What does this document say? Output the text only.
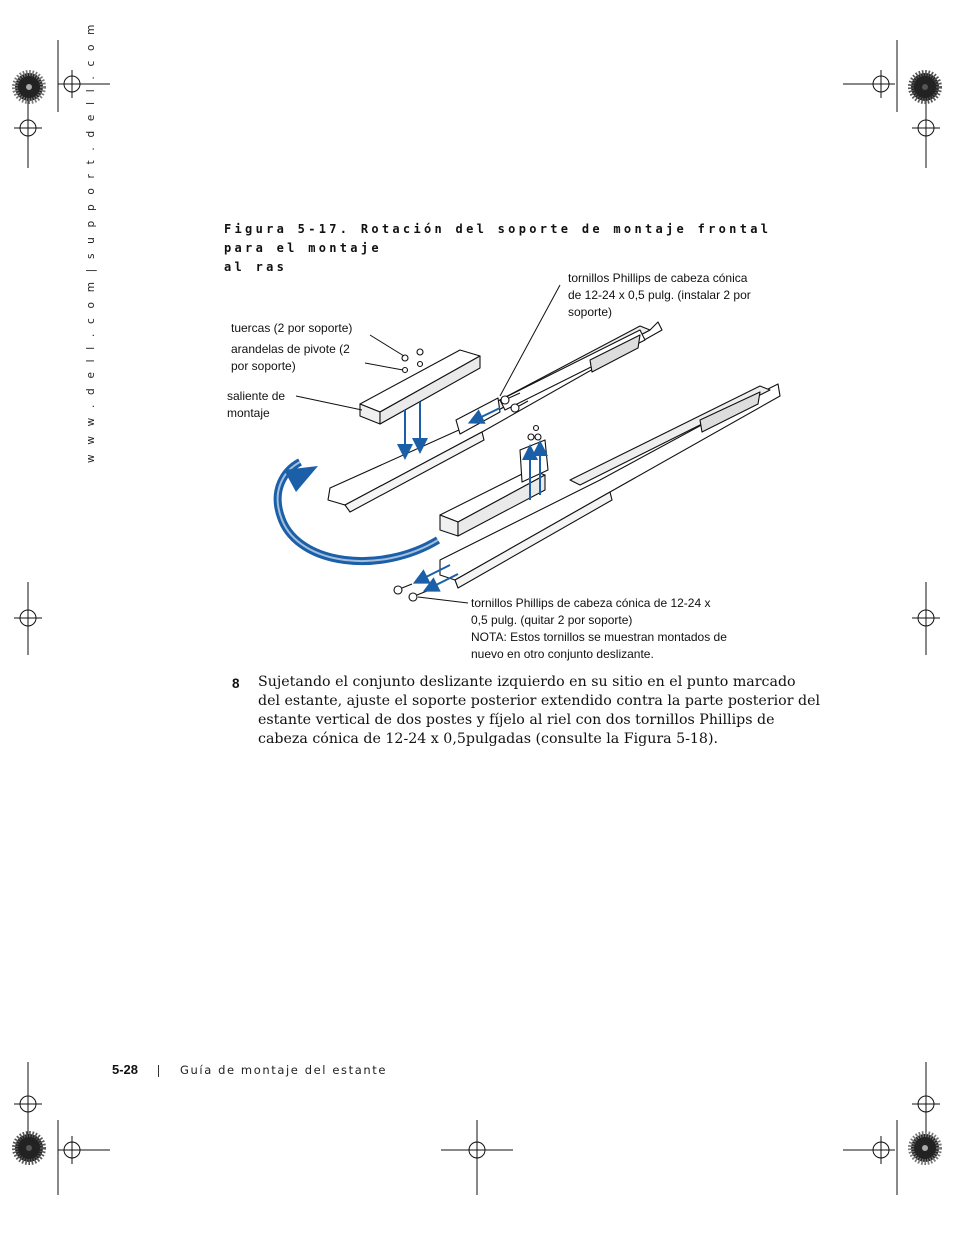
w w w . d e l l . c o m | s u p p o r t . d e l l . c o m	Figura 5-17. Rotación del soporte de montaje frontal para el montaje
al ras
tornillos Phillips de cabeza cónica
de 12-24 x 0,5 pulg. (instalar 2 por
soporte)
tuercas (2 por soporte)
arandelas de pivote (2
por soporte)
saliente de
montaje
tornillos Phillips de cabeza cónica de 12-24 x
0,5 pulg. (quitar 2 por soporte)
NOTA: Estos tornillos se muestran montados de
nuevo en otro conjunto deslizante.
8 Sujetando el conjunto deslizante izquierdo en su sitio en el punto marcado del estante, ajuste el soporte posterior extendido contra la parte posterior del estante vertical de dos postes y fíjelo al riel con dos tornillos Phillips de cabeza cónica de 12-24 x 0,5pulgadas (consulte la Figura 5-18).
5-28	Guía de montaje del estante
